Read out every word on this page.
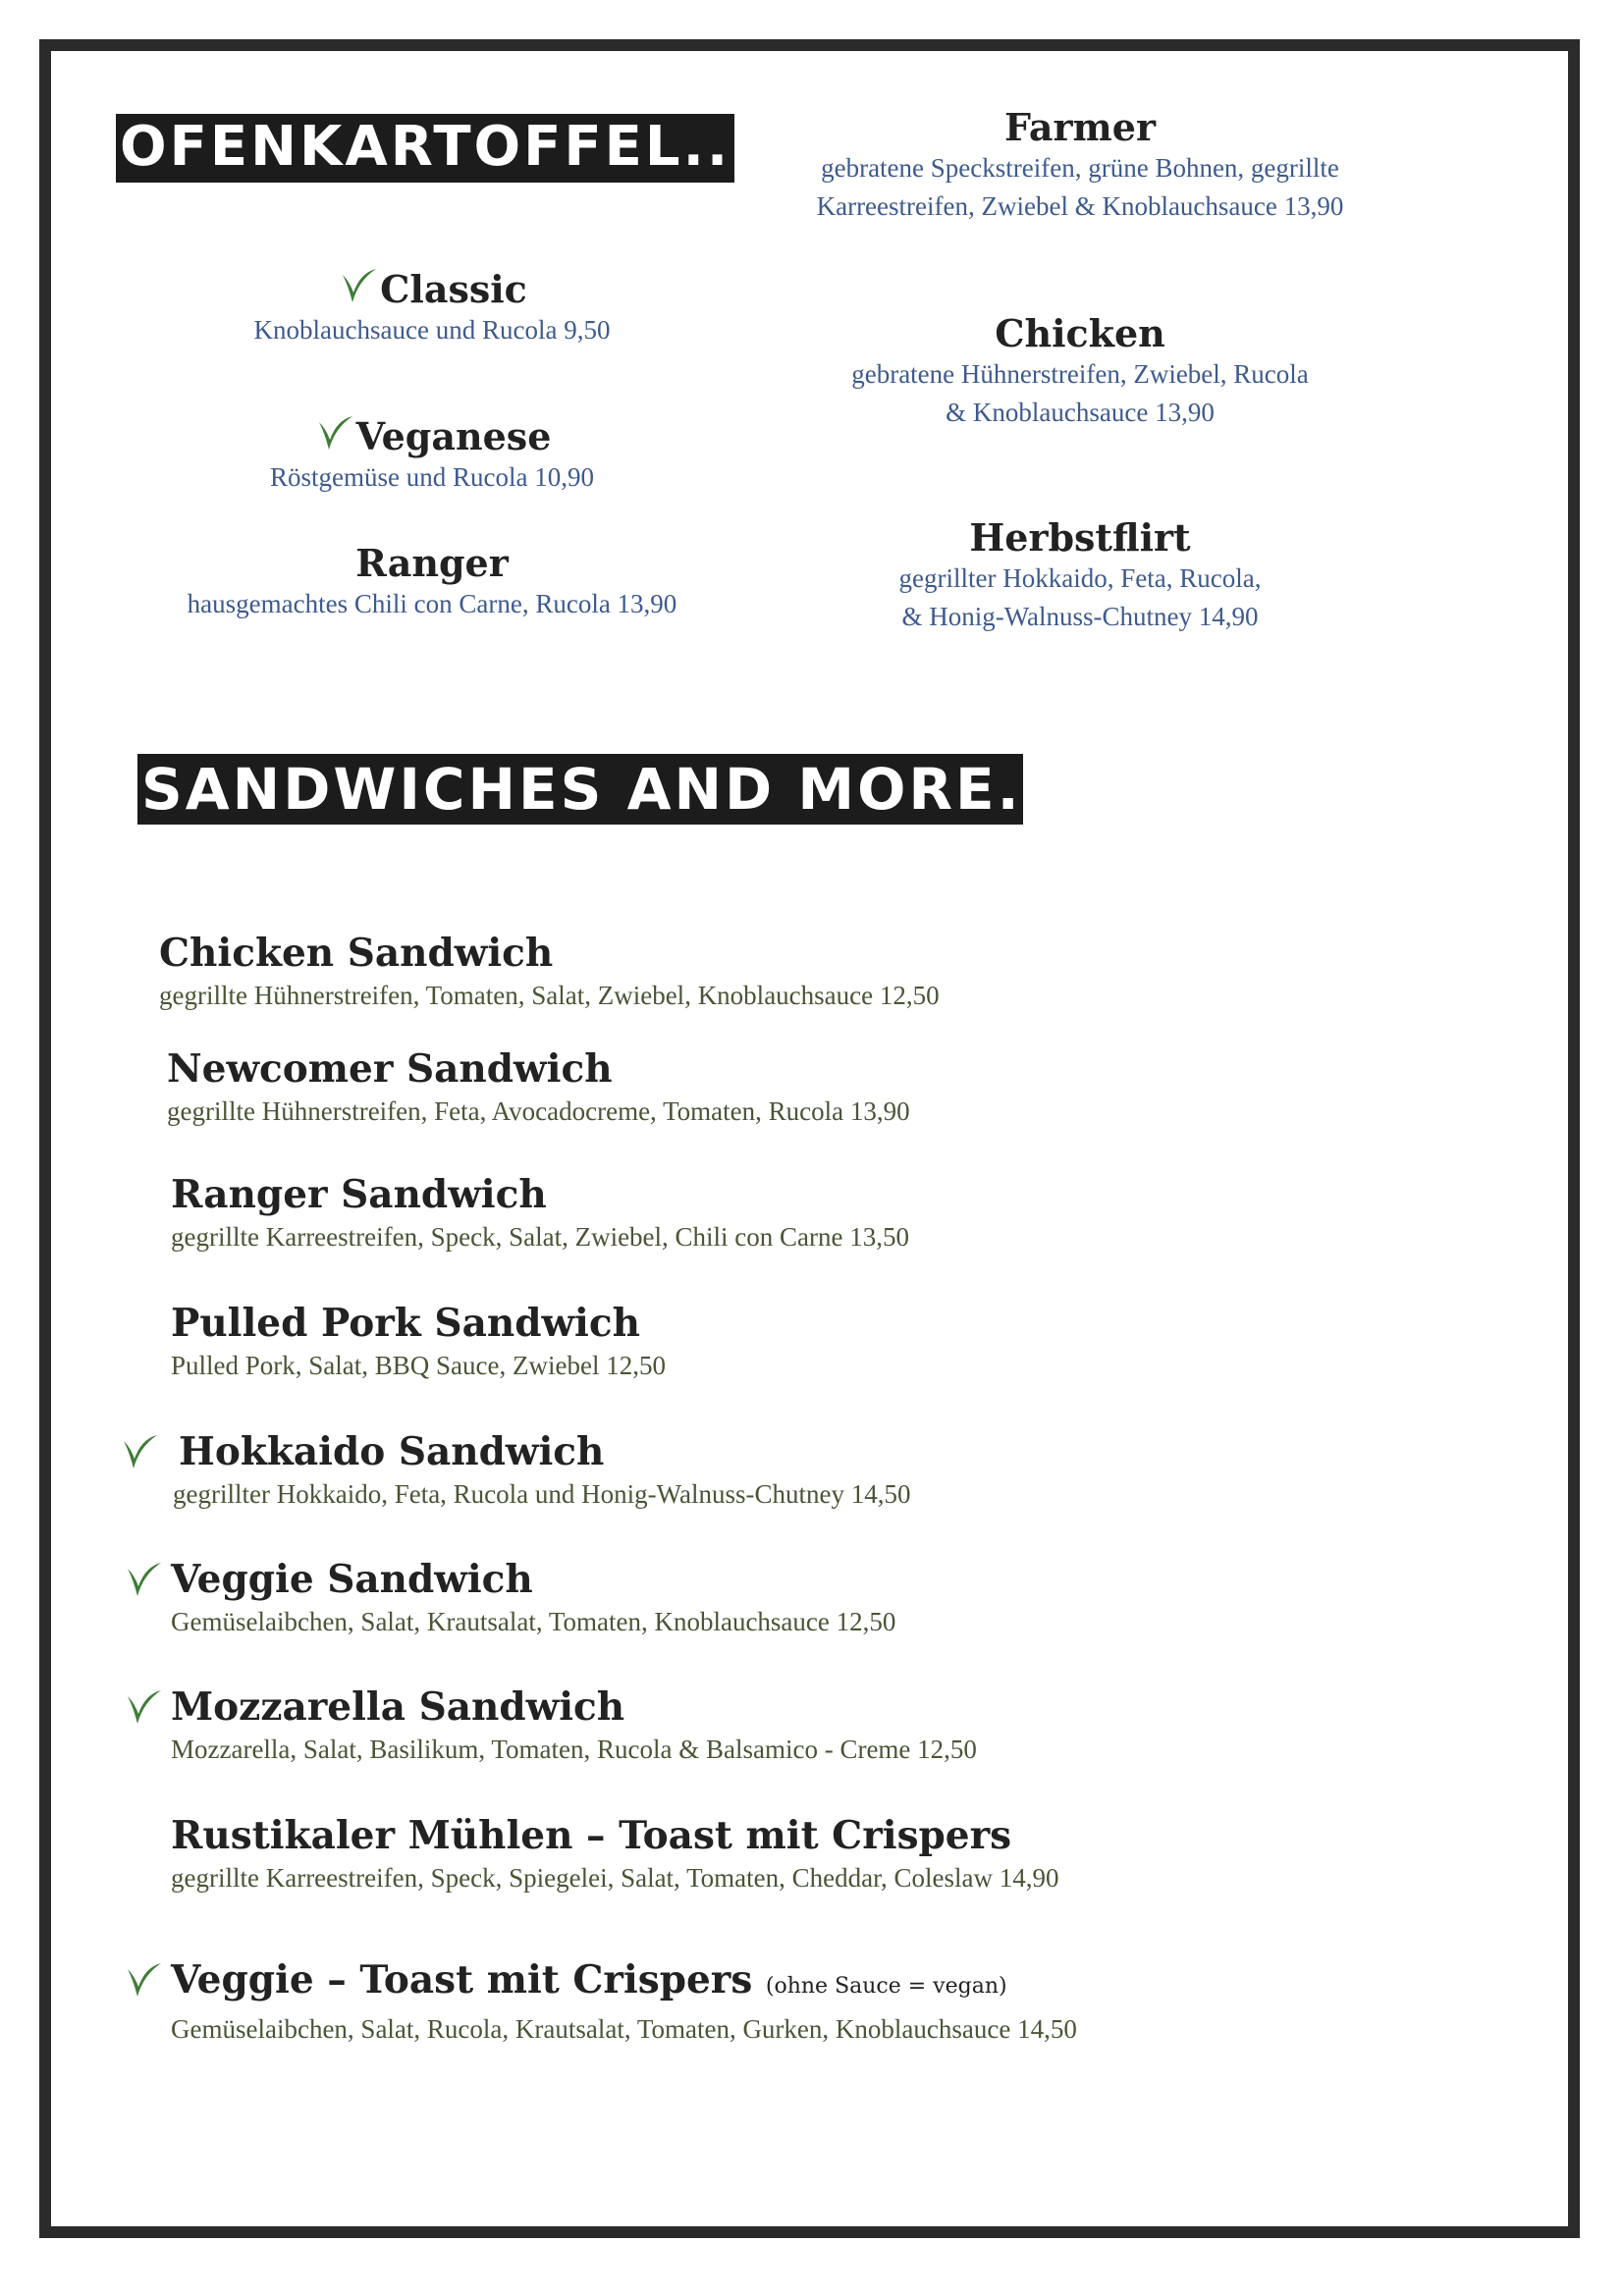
OFENKARTOFFEL...
SANDWICHES AND MORE...
Farmer
gebratene Speckstreifen, grüne Bohnen, gegrillte
Karreestreifen, Zwiebel & Knoblauchsauce 13,90
Classic
Knoblauchsauce und Rucola 9,50	Chicken
gebratene Hühnerstreifen, Zwiebel, Rucola
& Knoblauchsauce 13,90
Veganese
Röstgemüse und Rucola 10,90
Herbstflirt
gegrillter Hokkaido, Feta, Rucola,
& Honig-Walnuss-Chutney 14,90
Ranger
hausgemachtes Chili con Carne, Rucola 13,90
Chicken Sandwich
gegrillte Hühnerstreifen, Tomaten, Salat, Zwiebel, Knoblauchsauce 12,50
Newcomer Sandwich
gegrillte Hühnerstreifen, Feta, Avocadocreme, Tomaten, Rucola 13,90
Ranger Sandwich
gegrillte Karreestreifen, Speck, Salat, Zwiebel, Chili con Carne 13,50
Pulled Pork Sandwich
Pulled Pork, Salat, BBQ Sauce, Zwiebel 12,50
Hokkaido Sandwich
gegrillter Hokkaido, Feta, Rucola und Honig-Walnuss-Chutney 14,50
Veggie Sandwich
Gemüselaibchen, Salat, Krautsalat, Tomaten, Knoblauchsauce 12,50
Mozzarella Sandwich
Mozzarella, Salat, Basilikum, Tomaten, Rucola & Balsamico - Creme 12,50
Rustikaler Mühlen – Toast mit Crispers
gegrillte Karreestreifen, Speck, Spiegelei, Salat, Tomaten, Cheddar, Coleslaw 14,90
Veggie – Toast mit Crispers (ohne Sauce = vegan)
Gemüselaibchen, Salat, Rucola, Krautsalat, Tomaten, Gurken, Knoblauchsauce 14,50
